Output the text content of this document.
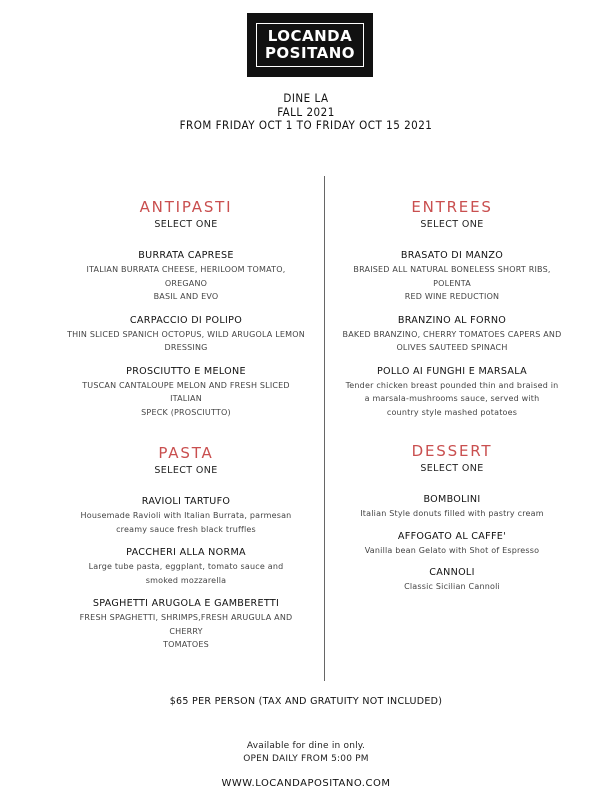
LOCANDA
POSITANO
DINE LA
FALL 2021
FROM FRIDAY OCT 1 TO FRIDAY OCT 15 2021
ANTIPASTI
SELECT ONE
BURRATA CAPRESE
ITALIAN BURRATA CHEESE, HERILOOM TOMATO, OREGANO
BASIL AND EVO
CARPACCIO DI POLIPO
THIN SLICED SPANICH OCTOPUS, WILD ARUGOLA LEMON
DRESSING
PROSCIUTTO E MELONE
TUSCAN CANTALOUPE MELON AND FRESH SLICED ITALIAN
SPECK (PROSCIUTTO)
PASTA
SELECT ONE
RAVIOLI TARTUFO
Housemade Ravioli with Italian Burrata, parmesan
creamy sauce fresh black truffles
PACCHERI ALLA NORMA
Large tube pasta, eggplant, tomato sauce and
smoked mozzarella
SPAGHETTI ARUGOLA E GAMBERETTI
FRESH SPAGHETTI, SHRIMPS,FRESH ARUGULA AND CHERRY
TOMATOES
ENTREES
SELECT ONE
BRASATO DI MANZO
BRAISED ALL NATURAL BONELESS SHORT RIBS, POLENTA
RED WINE REDUCTION
BRANZINO AL FORNO
BAKED BRANZINO, CHERRY TOMATOES CAPERS AND
OLIVES SAUTEED SPINACH
POLLO AI FUNGHI E MARSALA
Tender chicken breast pounded thin and braised in
a marsala-mushrooms sauce, served with
country style mashed potatoes
DESSERT
SELECT ONE
BOMBOLINI
Italian Style donuts filled with pastry cream
AFFOGATO AL CAFFE'
Vanilla bean Gelato with Shot of Espresso
CANNOLI
Classic Sicilian Cannoli
$65 PER PERSON (TAX AND GRATUITY NOT INCLUDED)
Available for dine in only.
OPEN DAILY FROM 5:00 PM
WWW.LOCANDAPOSITANO.COM
